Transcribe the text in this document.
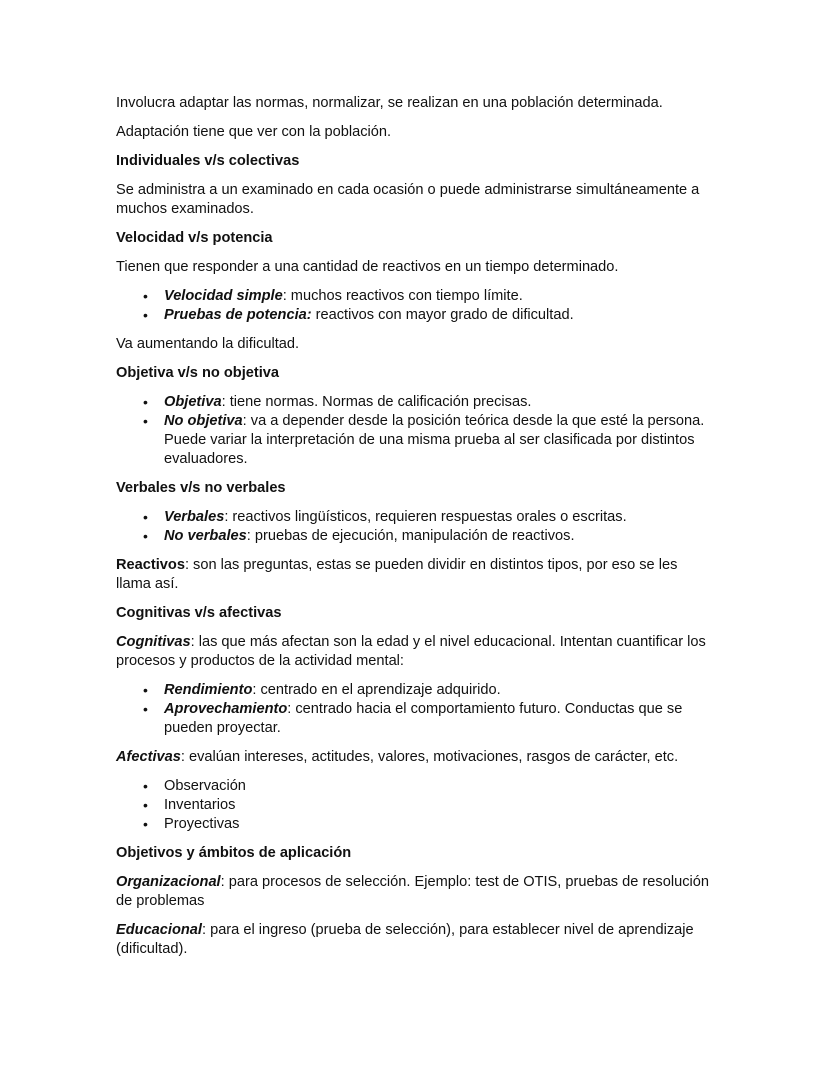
Involucra adaptar las normas, normalizar, se realizan en una población determinada.

Adaptación tiene que ver con la población.

Individuales v/s colectivas

Se administra a un examinado en cada ocasión o puede administrarse simultáneamente a muchos examinados.

Velocidad v/s potencia

Tienen que responder a una cantidad de reactivos en un tiempo determinado.

• Velocidad simple: muchos reactivos con tiempo límite.
• Pruebas de potencia: reactivos con mayor grado de dificultad.

Va aumentando la dificultad.

Objetiva v/s no objetiva
• Objetiva: tiene normas. Normas de calificación precisas.
• No objetiva: va a depender desde la posición teórica desde la que esté la persona. Puede variar la interpretación de una misma prueba al ser clasificada por distintos evaluadores.
Verbales v/s no verbales
• Verbales: reactivos lingüísticos, requieren respuestas orales o escritas.
• No verbales: pruebas de ejecución, manipulación de reactivos.

Reactivos: son las preguntas, estas se pueden dividir en distintos tipos, por eso se les llama así.

Cognitivas v/s afectivas

Cognitivas: las que más afectan son la edad y el nivel educacional. Intentan cuantificar los procesos y productos de la actividad mental:

• Rendimiento: centrado en el aprendizaje adquirido.
• Aprovechamiento: centrado hacia el comportamiento futuro. Conductas que se pueden proyectar.

Afectivas: evalúan intereses, actitudes, valores, motivaciones, rasgos de carácter, etc.

• Observación
• Inventarios
• Proyectivas
Objetivos y ámbitos de aplicación

Organizacional: para procesos de selección. Ejemplo: test de OTIS, pruebas de resolución de problemas

Educacional: para el ingreso (prueba de selección), para establecer nivel de aprendizaje (dificultad).
